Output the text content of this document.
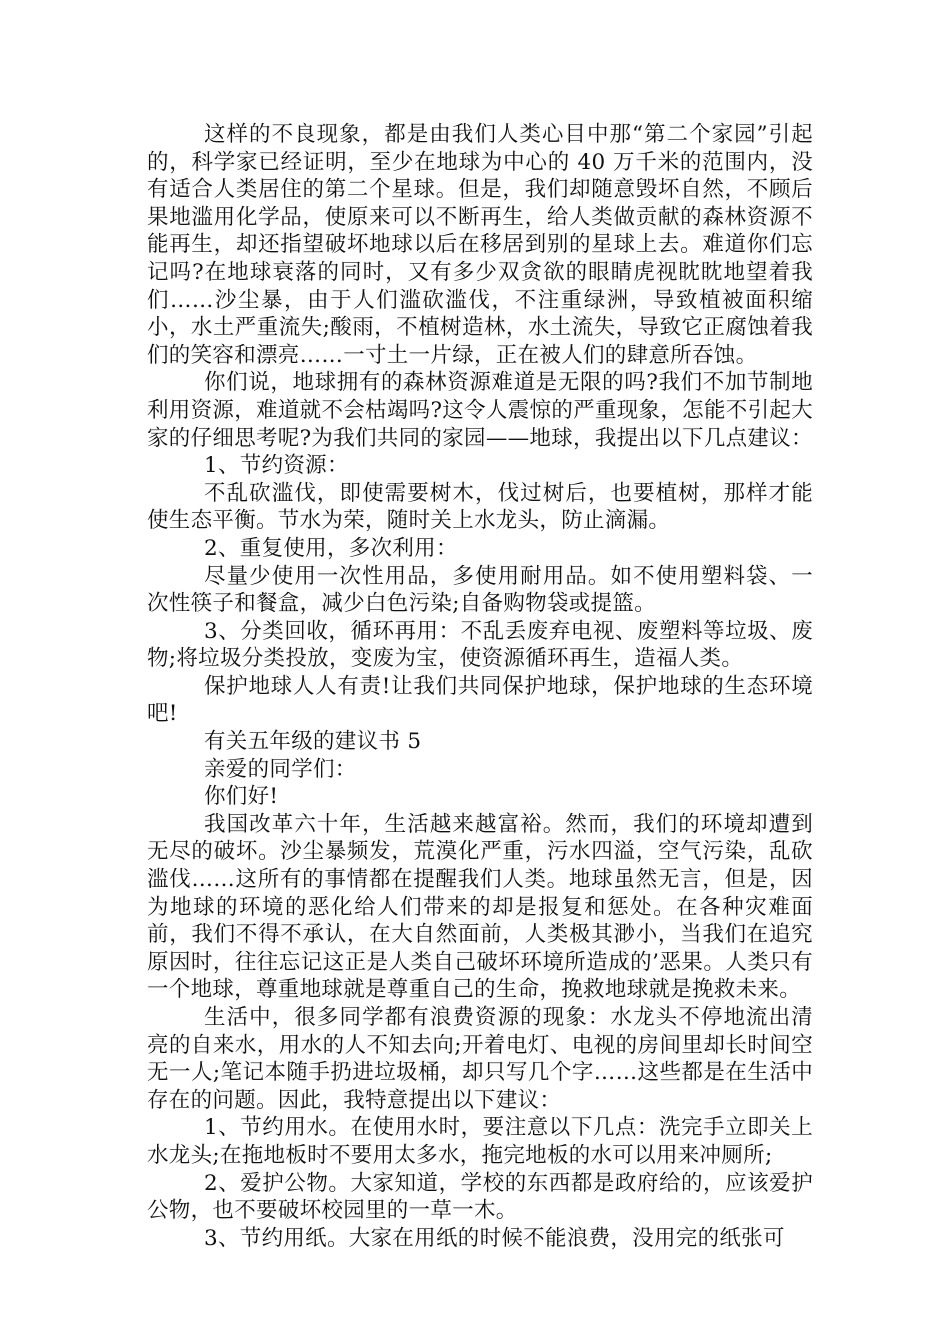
这样的不良现象，都是由我们人类心目中那“第二个家园”引起的，科学家已经证明，至少在地球为中心的 40 万千米的范围内，没有适合人类居住的第二个星球。但是，我们却随意毁坏自然，不顾后果地滥用化学品，使原来可以不断再生，给人类做贡献的森林资源不能再生，却还指望破坏地球以后在移居到别的星球上去。难道你们忘记吗?在地球衰落的同时，又有多少双贪欲的眼睛虎视眈眈地望着我们……沙尘暴，由于人们滥砍滥伐，不注重绿洲，导致植被面积缩小，水土严重流失;酸雨，不植树造林，水土流失，导致它正腐蚀着我们的笑容和漂亮……一寸土一片绿，正在被人们的肆意所吞蚀。

你们说，地球拥有的森林资源难道是无限的吗?我们不加节制地利用资源，难道就不会枯竭吗?这令人震惊的严重现象，怎能不引起大家的仔细思考呢?为我们共同的家园——地球，我提出以下几点建议：

1、节约资源：

不乱砍滥伐，即使需要树木，伐过树后，也要植树，那样才能使生态平衡。节水为荣，随时关上水龙头，防止滴漏。

2、重复使用，多次利用：

尽量少使用一次性用品，多使用耐用品。如不使用塑料袋、一次性筷子和餐盒，减少白色污染;自备购物袋或提篮。

3、分类回收，循环再用：不乱丢废弃电视、废塑料等垃圾、废物;将垃圾分类投放，变废为宝，使资源循环再生，造福人类。

保护地球人人有责!让我们共同保护地球，保护地球的生态环境吧!

有关五年级的建议书 5

亲爱的同学们：

你们好!

我国改革六十年，生活越来越富裕。然而，我们的环境却遭到无尽的破坏。沙尘暴频发，荒漠化严重，污水四溢，空气污染，乱砍滥伐……这所有的事情都在提醒我们人类。地球虽然无言，但是，因为地球的环境的恶化给人们带来的却是报复和惩处。在各种灾难面前，我们不得不承认，在大自然面前，人类极其渺小，当我们在追究原因时，往往忘记这正是人类自己破坏环境所造成的’恶果。人类只有一个地球，尊重地球就是尊重自己的生命，挽救地球就是挽救未来。

生活中，很多同学都有浪费资源的现象：水龙头不停地流出清亮的自来水，用水的人不知去向;开着电灯、电视的房间里却长时间空无一人;笔记本随手扔进垃圾桶，却只写几个字……这些都是在生活中存在的问题。因此，我特意提出以下建议：

1、节约用水。在使用水时，要注意以下几点：洗完手立即关上水龙头;在拖地板时不要用太多水，拖完地板的水可以用来冲厕所;

2、爱护公物。大家知道，学校的东西都是政府给的，应该爱护公物，也不要破坏校园里的一草一木。

3、节约用纸。大家在用纸的时候不能浪费，没用完的纸张可
